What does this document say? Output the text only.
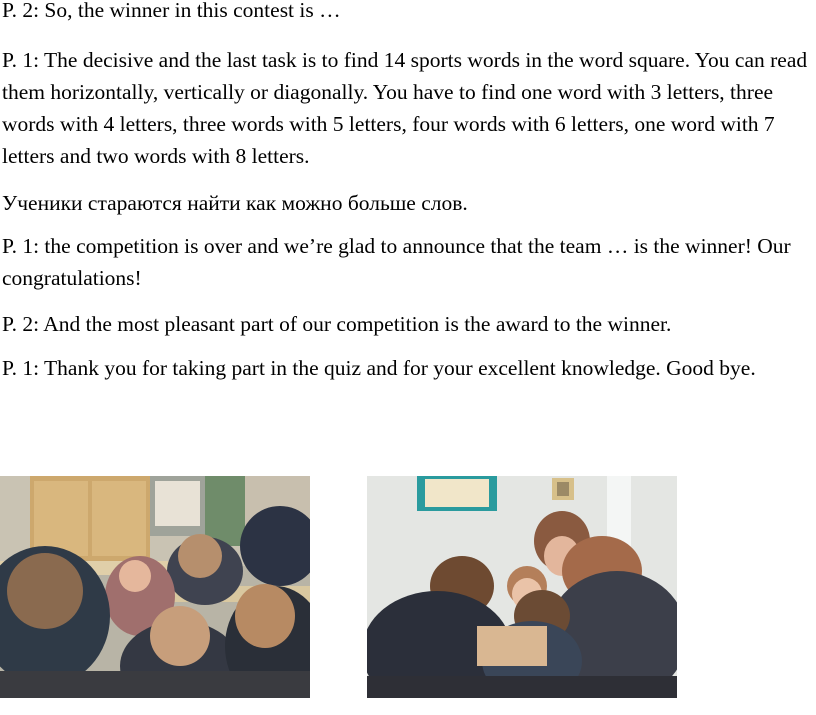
P. 2: So, the winner in this contest is …

P. 1: The decisive and the last task is to find 14 sports words in the word square. You can read them horizontally, vertically or diagonally. You have to find one word with 3 letters, three words with 4 letters, three words with 5 letters, four words with 6 letters, one word with 7 letters and two words with 8 letters.

Ученики стараются найти как можно больше слов.

P. 1: the competition is over and we’re glad to announce that the team … is the winner! Our congratulations!

P. 2: And the most pleasant part of our competition is the award to the winner.

P. 1: Thank you for taking part in the quiz and for your excellent knowledge. Good bye.
